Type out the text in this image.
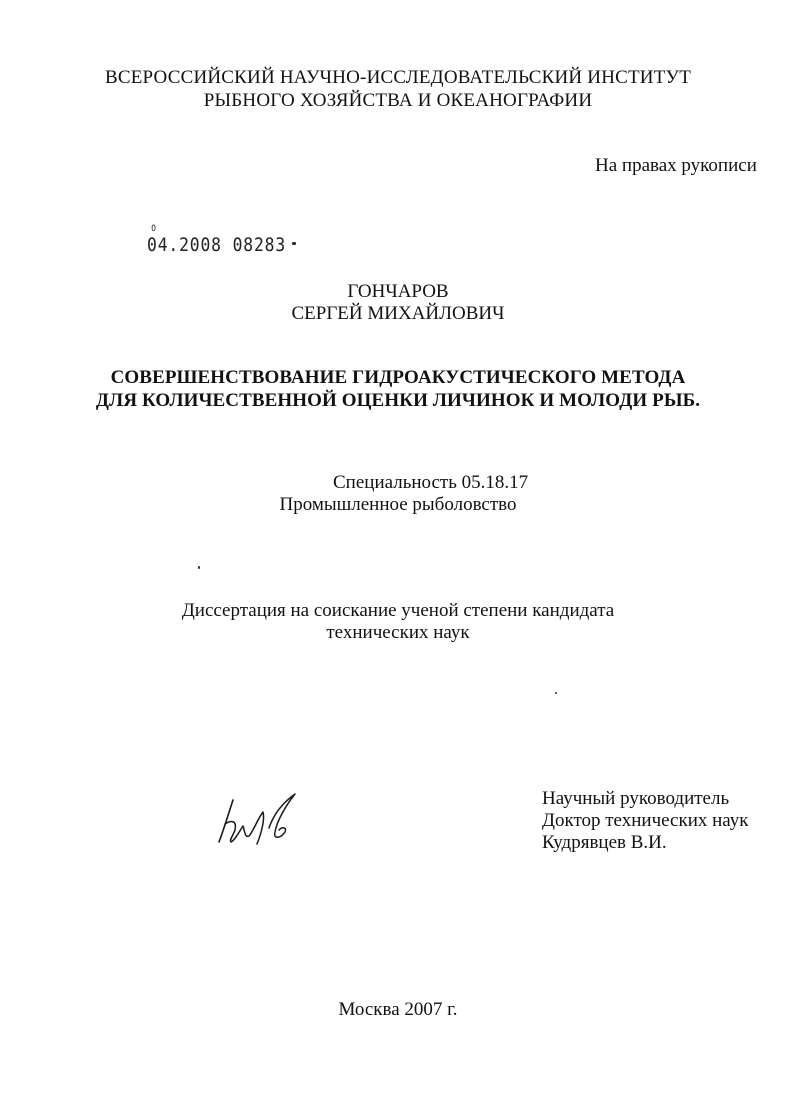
ВСЕРОССИЙСКИЙ НАУЧНО-ИССЛЕДОВАТЕЛЬСКИЙ ИНСТИТУТ
РЫБНОГО ХОЗЯЙСТВА И ОКЕАНОГРАФИИ
На правах рукописи
О
04.2008 08283
ГОНЧАРОВ
СЕРГЕЙ МИХАЙЛОВИЧ
СОВЕРШЕНСТВОВАНИЕ ГИДРОАКУСТИЧЕСКОГО МЕТОДА
ДЛЯ КОЛИЧЕСТВЕННОЙ ОЦЕНКИ ЛИЧИНОК И МОЛОДИ РЫБ.
Специальность 05.18.17
Промышленное рыболовство
Диссертация на соискание ученой степени кандидата
технических наук
Научный руководитель
Доктор технических наук
Кудрявцев В.И.
Москва 2007 г.
